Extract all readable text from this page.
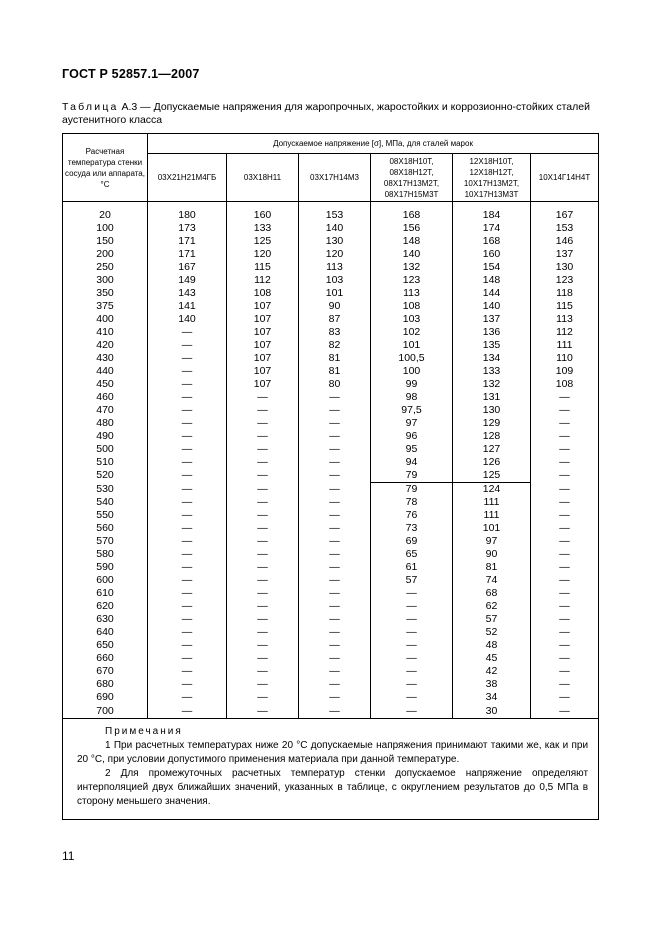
ГОСТ Р 52857.1—2007
Таблица А.3 — Допускаемые напряжения для жаропрочных, жаростойких и коррозионно-стойких сталей аустенитного класса
Расчетная температура стенки сосуда или аппарата, °С	Допускаемое напряжение [σ], МПа, для сталей марок					
	03Х21Н21М4ГБ	03Х18Н11	03Х17Н14М3	08Х18Н10Т, 08Х18Н12Т, 08Х17Н13М2Т, 08Х17Н15М3Т	12Х18Н10Т, 12Х18Н12Т, 10Х17Н13М2Т, 10Х17Н13М3Т	10Х14Г14Н4Т

20	180	160	153	168	184	167
100	173	133	140	156	174	153
150	171	125	130	148	168	146
200	171	120	120	140	160	137
250	167	115	113	132	154	130
300	149	112	103	123	148	123
350	143	108	101	113	144	118
375	141	107	90	108	140	115
400	140	107	87	103	137	113
410	—	107	83	102	136	112
420	—	107	82	101	135	111
430	—	107	81	100,5	134	110
440	—	107	81	100	133	109
450	—	107	80	99	132	108
460	—	—	—	98	131	—
470	—	—	—	97,5	130	—
480	—	—	—	97	129	—
490	—	—	—	96	128	—
500	—	—	—	95	127	—
510	—	—	—	94	126	—
520	—	—	—	79	125	—
530	—	—	—	79	124	—
540	—	—	—	78	111	—
550	—	—	—	76	111	—
560	—	—	—	73	101	—
570	—	—	—	69	97	—
580	—	—	—	65	90	—
590	—	—	—	61	81	—
600	—	—	—	57	74	—
610	—	—	—	—	68	—
620	—	—	—	—	62	—
630	—	—	—	—	57	—
640	—	—	—	—	52	—
650	—	—	—	—	48	—
660	—	—	—	—	45	—
670	—	—	—	—	42	—
680	—	—	—	—	38	—
690	—	—	—	—	34	—
700	—	—	—	—	30	—

Примечания
1 При расчетных температурах ниже 20 °С допускаемые напряжения принимают такими же, как и при 20 °С, при условии допустимого применения материала при данной температуре.
2 Для промежуточных расчетных температур стенки допускаемое напряжение определяют интерполяцией двух ближайших значений, указанных в таблице, с округлением результатов до 0,5 МПа в сторону меньшего значения.						
11
